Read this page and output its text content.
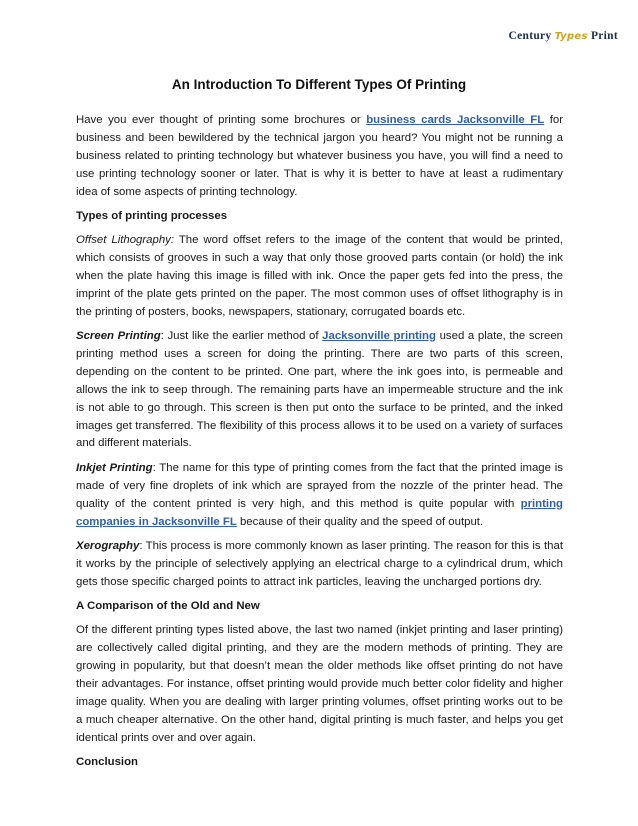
Century Types Print
An Introduction To Different Types Of Printing

Have you ever thought of printing some brochures or business cards Jacksonville FL for business and been bewildered by the technical jargon you heard? You might not be running a business related to printing technology but whatever business you have, you will find a need to use printing technology sooner or later. That is why it is better to have at least a rudimentary idea of some aspects of printing technology.

Types of printing processes

Offset Lithography: The word offset refers to the image of the content that would be printed, which consists of grooves in such a way that only those grooved parts contain (or hold) the ink when the plate having this image is filled with ink. Once the paper gets fed into the press, the imprint of the plate gets printed on the paper. The most common uses of offset lithography is in the printing of posters, books, newspapers, stationary, corrugated boards etc.

Screen Printing: Just like the earlier method of Jacksonville printing used a plate, the screen printing method uses a screen for doing the printing. There are two parts of this screen, depending on the content to be printed. One part, where the ink goes into, is permeable and allows the ink to seep through. The remaining parts have an impermeable structure and the ink is not able to go through. This screen is then put onto the surface to be printed, and the inked images get transferred. The flexibility of this process allows it to be used on a variety of surfaces and different materials.

Inkjet Printing: The name for this type of printing comes from the fact that the printed image is made of very fine droplets of ink which are sprayed from the nozzle of the printer head. The quality of the content printed is very high, and this method is quite popular with printing companies in Jacksonville FL because of their quality and the speed of output.

Xerography: This process is more commonly known as laser printing. The reason for this is that it works by the principle of selectively applying an electrical charge to a cylindrical drum, which gets those specific charged points to attract ink particles, leaving the uncharged portions dry.

A Comparison of the Old and New

Of the different printing types listed above, the last two named (inkjet printing and laser printing) are collectively called digital printing, and they are the modern methods of printing. They are growing in popularity, but that doesn’t mean the older methods like offset printing do not have their advantages. For instance, offset printing would provide much better color fidelity and higher image quality. When you are dealing with larger printing volumes, offset printing works out to be a much cheaper alternative. On the other hand, digital printing is much faster, and helps you get identical prints over and over again.

Conclusion
